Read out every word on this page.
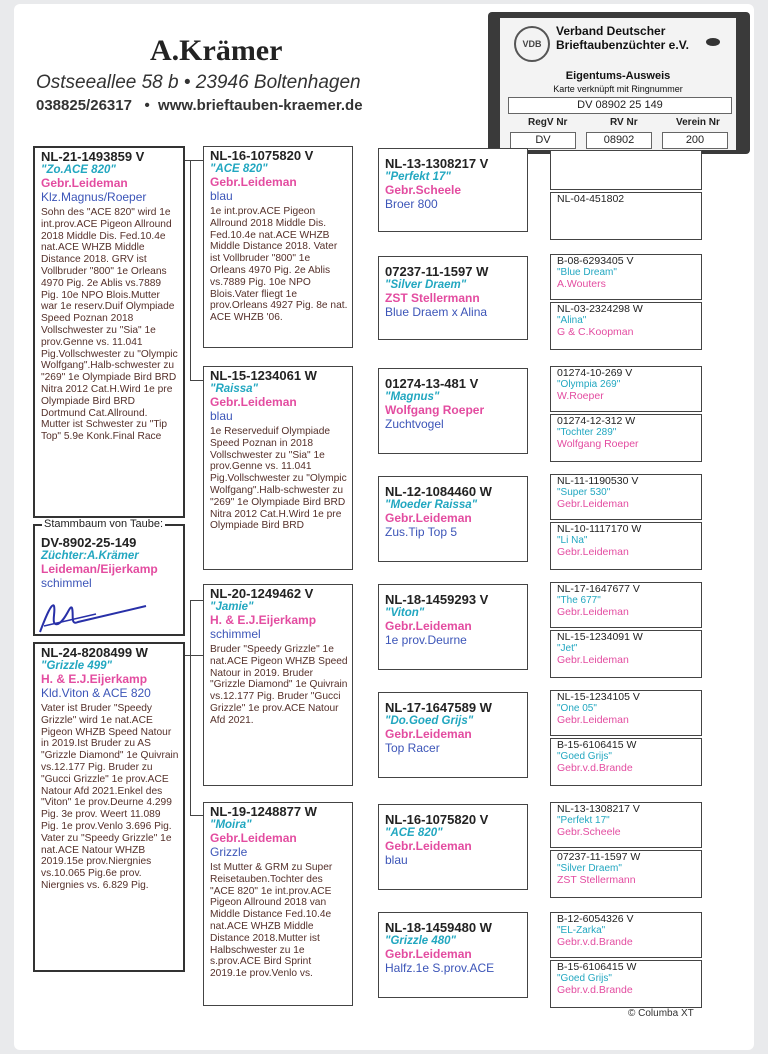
A.Krämer
Ostseeallee 58 b • 23946 Boltenhagen
038825/26317   •  www.brieftauben-kraemer.de
VDB
Verband Deutscher
Brieftaubenzüchter e.V.
Eigentums-Ausweis
Karte verknüpft mit Ringnummer
DV 08902 25 149
RegV Nr	RV Nr	Verein Nr
DV	08902	200
NL-21-1493859 V
"Zo.ACE 820"
Gebr.Leideman
Klz.Magnus/Roeper
Sohn des "ACE 820" wird 1e int.prov.ACE Pigeon Allround 2018 Middle Dis. Fed.10.4e nat.ACE WHZB Middle Distance 2018. GRV ist Vollbruder "800" 1e Orleans 4970 Pig. 2e Ablis vs.7889 Pig. 10e NPO Blois.Mutter war 1e reserv.Duif Olympiade Speed Poznan 2018 Vollschwester zu "Sia" 1e prov.Genne vs. 11.041 Pig.Vollschwester zu "Olympic Wolfgang".Halb-schwester zu "269" 1e Olympiade Bird BRD Nitra 2012 Cat.H.Wird 1e pre Olympiade Bird BRD Dortmund Cat.Allround. Mutter ist Schwester zu "Tip Top" 5.9e Konk.Final Race
DV-8902-25-149
Züchter:A.Krämer
Leideman/Eijerkamp
schimmel
Stammbaum von Taube:
NL-24-8208499 W
"Grizzle 499"
H. & E.J.Eijerkamp
Kld.Viton & ACE 820
Vater ist Bruder "Speedy Grizzle" wird 1e nat.ACE Pigeon WHZB Speed Natour in 2019.Ist Bruder zu AS "Grizzle Diamond" 1e Quivrain vs.12.177 Pig. Bruder zu "Gucci Grizzle" 1e prov.ACE Natour Afd 2021.Enkel des "Viton" 1e prov.Deurne 4.299 Pig. 3e prov. Weert 11.089 Pig. 1e prov.Venlo 3.696 Pig. Vater zu "Speedy Grizzle" 1e nat.ACE Natour WHZB 2019.15e prov.Niergnies vs.10.065 Pig.6e prov. Niergnies vs. 6.829 Pig.
NL-16-1075820 V
"ACE 820"
Gebr.Leideman
blau
1e int.prov.ACE Pigeon Allround 2018 Middle Dis. Fed.10.4e nat.ACE WHZB Middle Distance 2018. Vater ist Vollbruder "800" 1e Orleans 4970 Pig. 2e Ablis vs.7889 Pig. 10e NPO Blois.Vater fliegt 1e prov.Orleans 4927 Pig. 8e nat. ACE WHZB '06.
NL-15-1234061 W
"Raissa"
Gebr.Leideman
blau
1e Reserveduif Olympiade Speed Poznan in 2018 Vollschwester zu "Sia" 1e prov.Genne vs. 11.041 Pig.Vollschwester zu "Olympic Wolfgang".Halb-schwester zu "269" 1e Olympiade Bird BRD Nitra 2012 Cat.H.Wird 1e pre Olympiade Bird BRD
NL-20-1249462 V
"Jamie"
H. & E.J.Eijerkamp
schimmel
Bruder "Speedy Grizzle" 1e nat.ACE Pigeon WHZB Speed Natour in 2019. Bruder "Grizzle Diamond" 1e Quivrain vs.12.177 Pig. Bruder "Gucci Grizzle" 1e prov.ACE Natour Afd 2021.
NL-19-1248877 W
"Moira"
Gebr.Leideman
Grizzle
Ist Mutter & GRM zu Super Reisetauben.Tochter des "ACE 820" 1e int.prov.ACE Pigeon Allround 2018 van Middle Distance Fed.10.4e nat.ACE WHZB Middle Distance 2018.Mutter ist Halbschwester zu 1e s.prov.ACE Bird Sprint 2019.1e prov.Venlo vs.
NL-13-1308217 V
"Perfekt 17"
Gebr.Scheele
Broer 800
07237-11-1597 W
"Silver Draem"
ZST Stellermann
Blue Draem x Alina
01274-13-481 V
"Magnus"
Wolfgang Roeper
Zuchtvogel
NL-12-1084460 W
"Moeder Raissa"
Gebr.Leideman
Zus.Tip Top 5
NL-18-1459293 V
"Viton"
Gebr.Leideman
1e prov.Deurne
NL-17-1647589 W
"Do.Goed Grijs"
Gebr.Leideman
Top Racer
NL-16-1075820 V
"ACE 820"
Gebr.Leideman
blau
NL-18-1459480 W
"Grizzle 480"
Gebr.Leideman
Halfz.1e S.prov.ACE
NL-04-451802
B-08-6293405 V
"Blue Dream"
A.Wouters
NL-03-2324298 W
"Alina"
G & C.Koopman
01274-10-269 V
"Olympia 269"
W.Roeper
01274-12-312 W
"Tochter 289"
Wolfgang Roeper
NL-11-1190530 V
"Super 530"
Gebr.Leideman
NL-10-1117170 W
"Li Na"
Gebr.Leideman
NL-17-1647677 V
"The 677"
Gebr.Leideman
NL-15-1234091 W
"Jet"
Gebr.Leideman
NL-15-1234105 V
"One 05"
Gebr.Leideman
B-15-6106415 W
"Goed Grijs"
Gebr.v.d.Brande
NL-13-1308217 V
"Perfekt 17"
Gebr.Scheele
07237-11-1597 W
"Silver Draem"
ZST Stellermann
B-12-6054326 V
"EL-Zarka"
Gebr.v.d.Brande
B-15-6106415 W
"Goed Grijs"
Gebr.v.d.Brande
© Columba XT
